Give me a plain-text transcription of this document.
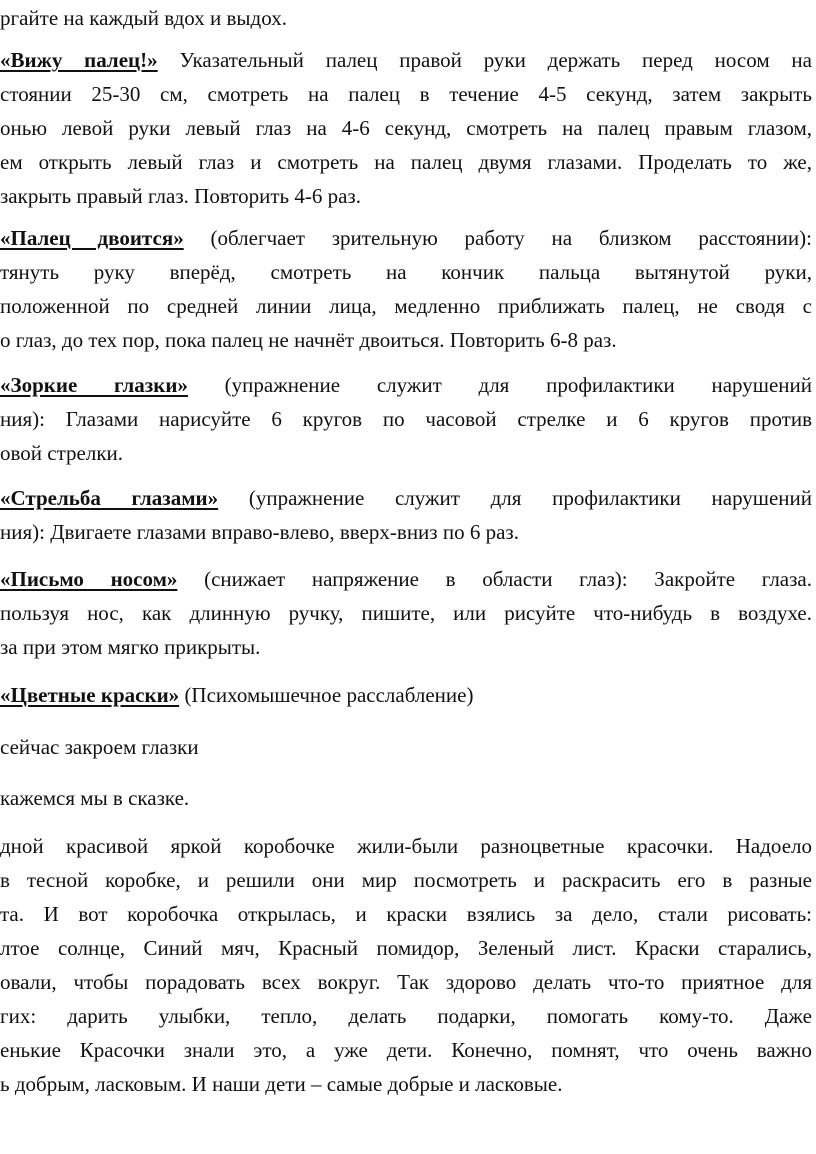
ргайте на каждый вдох и выдох.
«Вижу палец!» Указательный палец правой руки держать перед носом на
стоянии 25-30 см, смотреть на палец в течение 4-5 секунд, затем закрыть
онью левой руки левый глаз на 4-6 секунд, смотреть на палец правым глазом,
ем открыть левый глаз и смотреть на палец двумя глазами. Проделать то же,
закрыть правый глаз. Повторить 4-6 раз.
«Палец двоится» (облегчает зрительную работу на близком расстоянии):
тянуть руку вперёд, смотреть на кончик пальца вытянутой руки,
положенной по средней линии лица, медленно приближать палец, не сводя с
о глаз, до тех пор, пока палец не начнёт двоиться. Повторить 6-8 раз.
«Зоркие глазки» (упражнение служит для профилактики нарушений
ния): Глазами нарисуйте 6 кругов по часовой стрелке и 6 кругов против
овой стрелки.
«Стрельба глазами» (упражнение служит для профилактики нарушений
ния): Двигаете глазами вправо-влево, вверх-вниз по 6 раз.
«Письмо носом» (снижает напряжение в области глаз): Закройте глаза.
пользуя нос, как длинную ручку, пишите, или рисуйте что-нибудь в воздухе.
за при этом мягко прикрыты.
«Цветные краски» (Психомышечное расслабление)
сейчас закроем глазки
кажемся мы в сказке.
дной красивой яркой коробочке жили-были разноцветные красочки. Надоело
в тесной коробке, и решили они мир посмотреть и раскрасить его в разные
та. И вот коробочка открылась, и краски взялись за дело, стали рисовать:
лтое солнце, Синий мяч, Красный помидор, Зеленый лист. Краски старались,
овали, чтобы порадовать всех вокруг. Так здорово делать что-то приятное для
гих: дарить улыбки, тепло, делать подарки, помогать кому-то. Даже
енькие Красочки знали это, а уже дети. Конечно, помнят, что очень важно
ь добрым, ласковым. И наши дети – самые добрые и ласковые.
